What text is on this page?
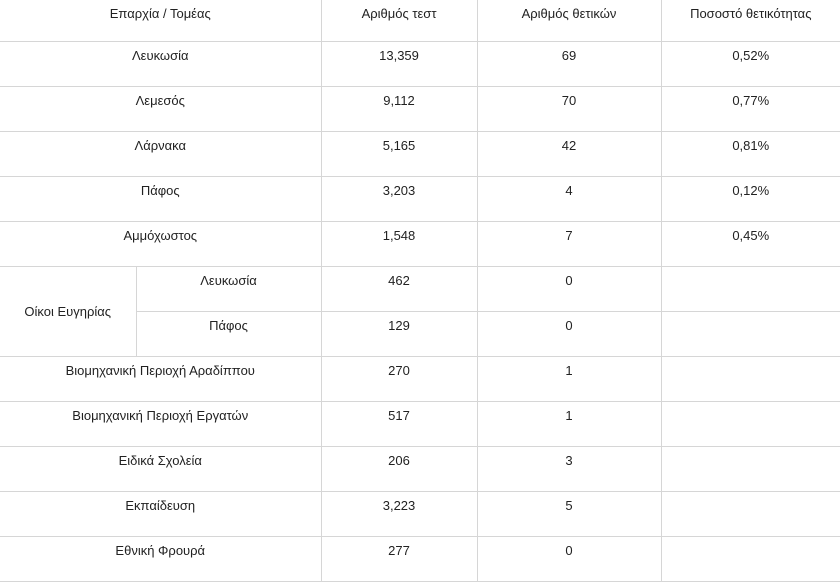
Επαρχία / Τομέας		Αριθμός τεστ	Αριθμός θετικών	Ποσοστό θετικότητας
Λευκωσία		13,359	69	0,52%
Λεμεσός		9,112	70	0,77%
Λάρνακα		5,165	42	0,81%
Πάφος		3,203	4	0,12%
Αμμόχωστος		1,548	7	0,45%
Οίκοι Ευγηρίας	Λευκωσία	462	0	
	Πάφος	129	0	
Βιομηχανική Περιοχή Αραδίππου		270	1	
Βιομηχανική Περιοχή Εργατών		517	1	
Ειδικά Σχολεία		206	3	
Εκπαίδευση		3,223	5	
Εθνική Φρουρά		277	0	
